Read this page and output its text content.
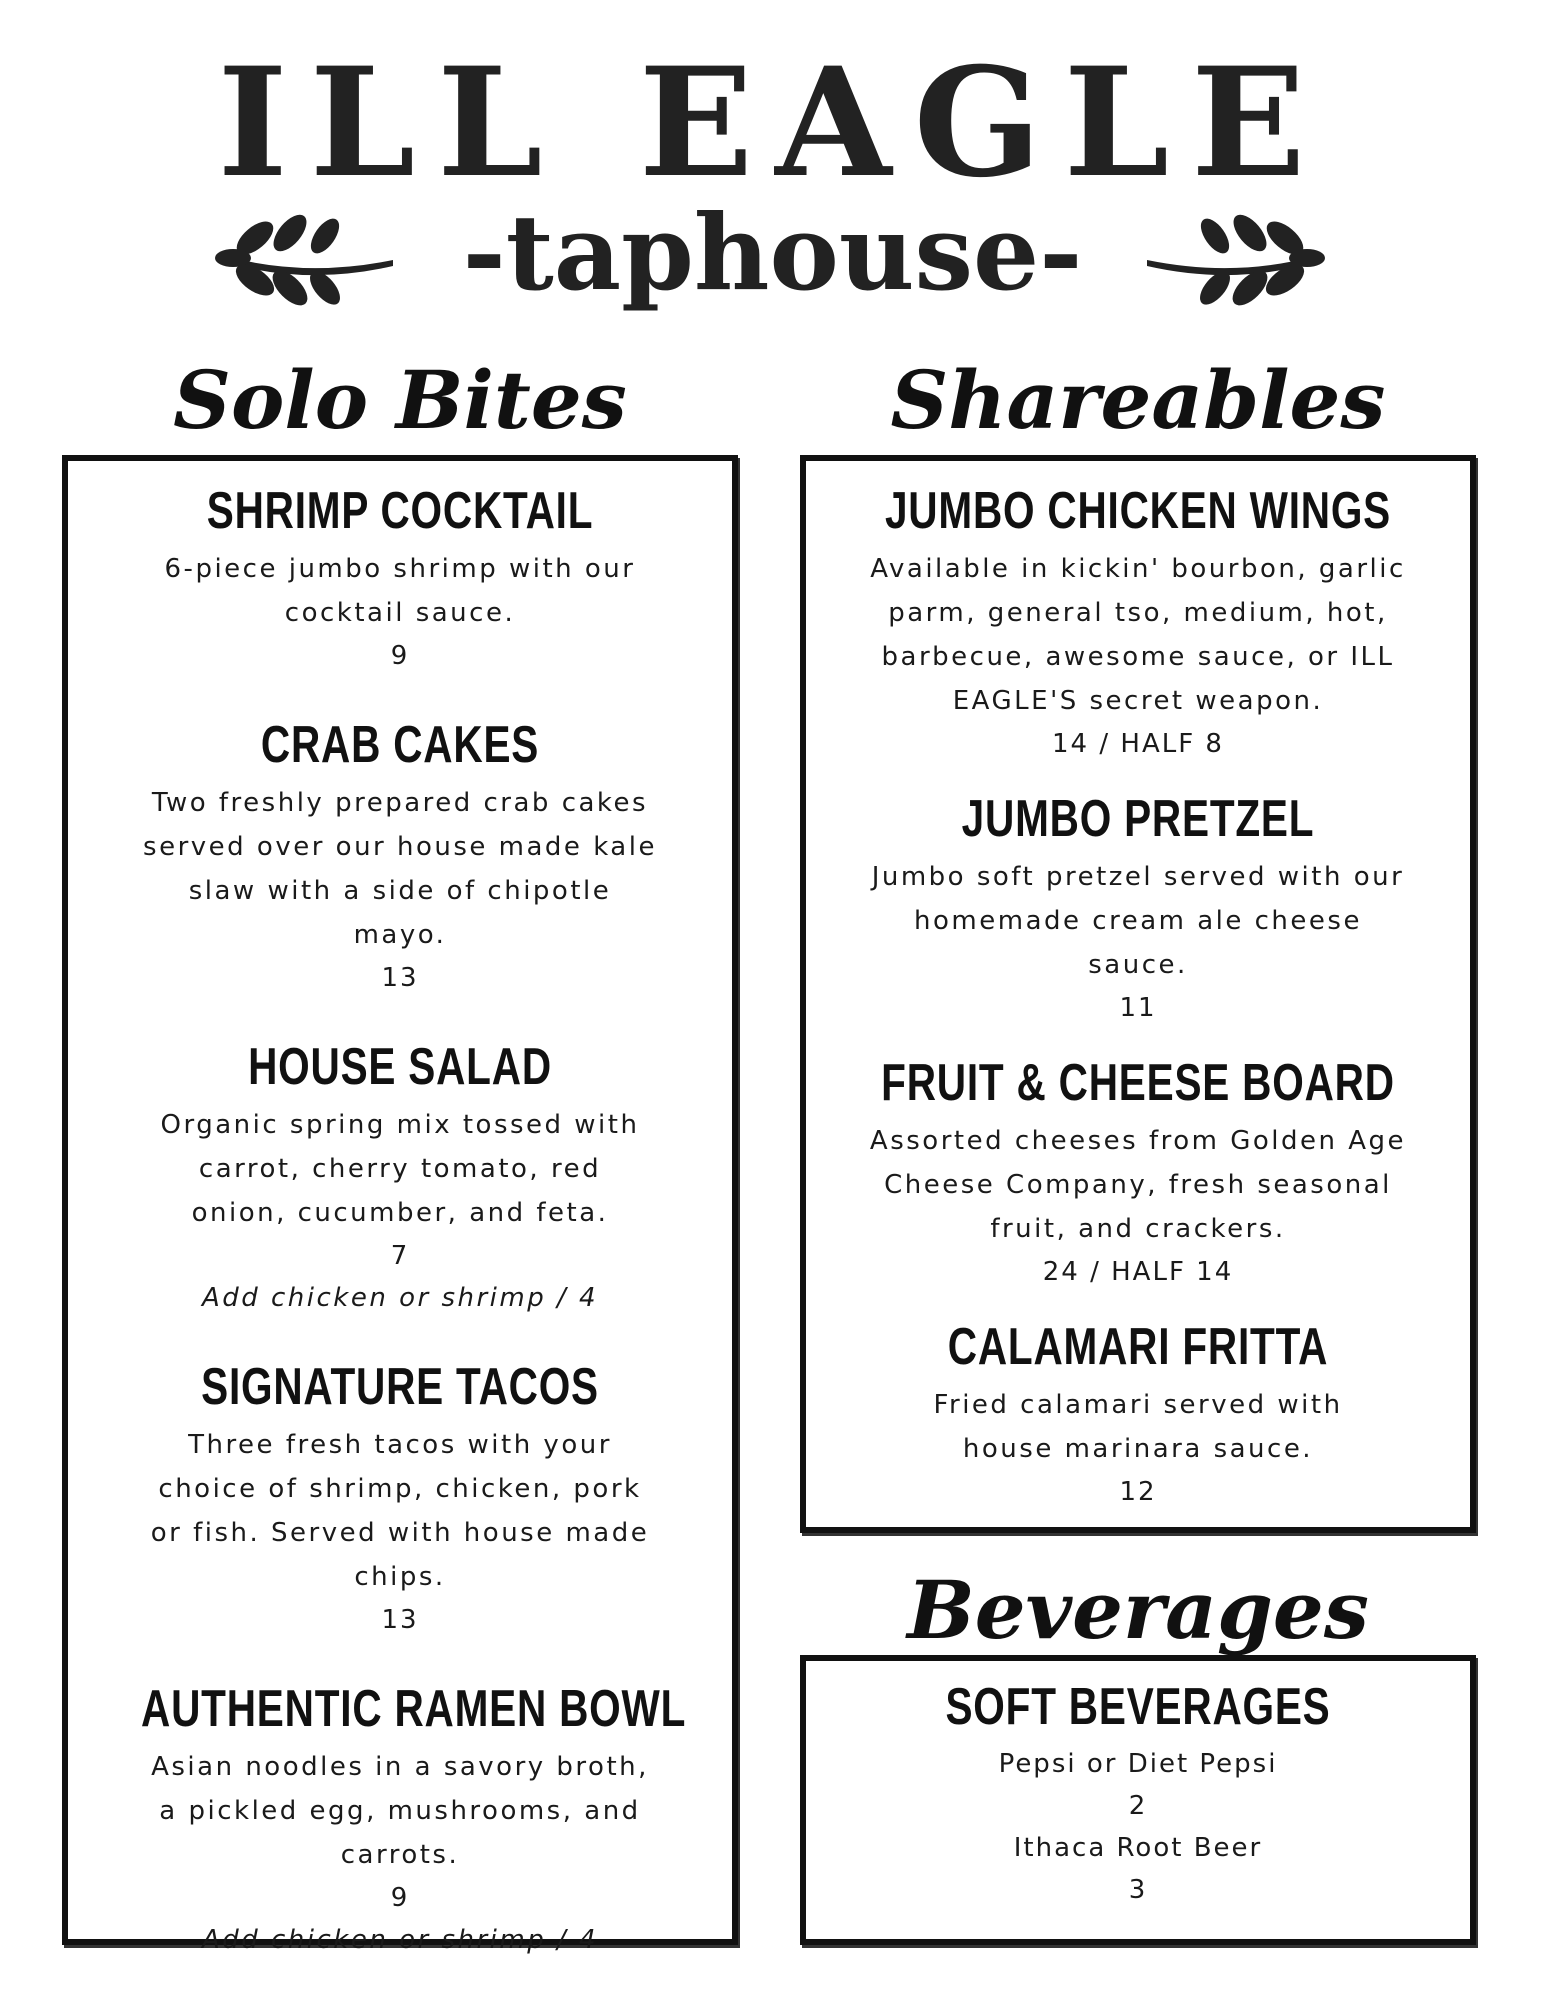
ILL EAGLE
-taphouse-
Solo Bites
SHRIMP COCKTAIL
6-piece jumbo shrimp with our cocktail sauce.
9
CRAB CAKES
Two freshly prepared crab cakes served over our house made kale slaw with a side of chipotle mayo.
13
HOUSE SALAD
Organic spring mix tossed with carrot, cherry tomato, red onion, cucumber, and feta.
7
Add chicken or shrimp / 4
SIGNATURE TACOS
Three fresh tacos with your choice of shrimp, chicken, pork or fish. Served with house made chips.
13
AUTHENTIC RAMEN BOWL
Asian noodles in a savory broth, a pickled egg, mushrooms, and carrots.
9
Add chicken or shrimp / 4
Shareables
JUMBO CHICKEN WINGS
Available in kickin' bourbon, garlic parm, general tso, medium, hot, barbecue, awesome sauce, or ILL EAGLE'S secret weapon.
14 / HALF 8
JUMBO PRETZEL
Jumbo soft pretzel served with our homemade cream ale cheese sauce.
11
FRUIT & CHEESE BOARD
Assorted cheeses from Golden Age Cheese Company, fresh seasonal fruit, and crackers.
24 / HALF 14
CALAMARI FRITTA
Fried calamari served with house marinara sauce.
12
Beverages
SOFT BEVERAGES
Pepsi or Diet Pepsi
2
Ithaca Root Beer
3
